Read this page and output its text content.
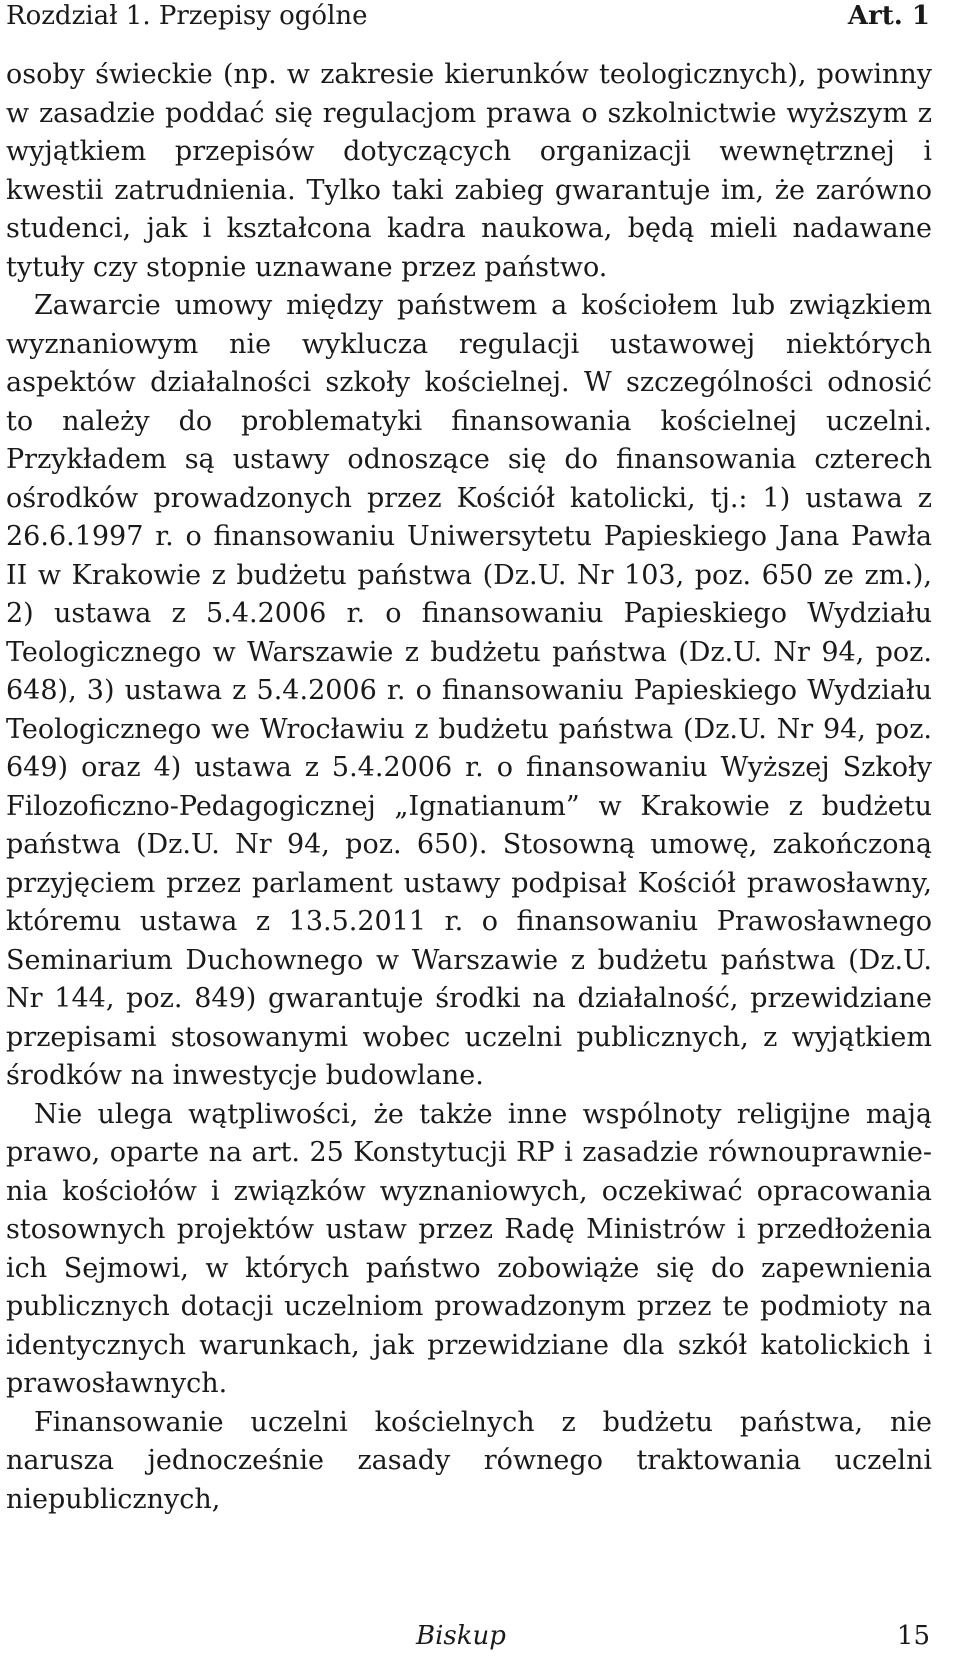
Rozdział 1. Przepisy ogólne	Art. 1

osoby świeckie (np. w zakresie kierunków teologicznych), powinny w zasadzie poddać się regulacjom prawa o szkolnictwie wyższym z wyjątkiem przepisów dotyczących organizacji wewnętrznej i kwestii zatrudnienia. Tylko taki zabieg gwarantuje im, że zarówno studenci, jak i kształcona kadra naukowa, będą mieli nadawane tytuły czy stopnie uznawane przez państwo.

Zawarcie umowy między państwem a kościołem lub związkiem wyznaniowym nie wyklucza regulacji ustawowej niektórych aspektów działalności szkoły kościelnej. W szczególności odnosić to należy do problematyki finansowania kościelnej uczelni. Przykładem są ustawy odnoszące się do finansowania czterech ośrodków prowadzonych przez Kościół katolicki, tj.: 1) ustawa z 26.6.1997 r. o finansowaniu Uniwersytetu Papieskiego Jana Pawła II w Krakowie z budżetu państwa (Dz.U. Nr 103, poz. 650 ze zm.), 2) ustawa z 5.4.2006 r. o finansowaniu Papieskiego Wydziału Teologicznego w Warszawie z budżetu państwa (Dz.U. Nr 94, poz. 648), 3) ustawa z 5.4.2006 r. o finansowaniu Papieskiego Wydziału Teologicznego we Wrocławiu z budżetu państwa (Dz.U. Nr 94, poz. 649) oraz 4) ustawa z 5.4.2006 r. o finansowaniu Wyższej Szkoły Filozoficzno-Pedagogicznej „Ignatianum” w Krakowie z budżetu państwa (Dz.U. Nr 94, poz. 650). Stosowną umowę, zakończoną przyjęciem przez parlament ustawy podpisał Kościół prawosławny, któremu ustawa z 13.5.2011 r. o finansowaniu Prawosławnego Seminarium Duchownego w Warszawie z budżetu państwa (Dz.U. Nr 144, poz. 849) gwarantuje środki na działalność, przewidziane przepisami stosowanymi wobec uczelni publicznych, z wyjątkiem środków na inwestycje budowlane.

Nie ulega wątpliwości, że także inne wspólnoty religijne mają prawo, oparte na art. 25 Konstytucji RP i zasadzie równouprawnienia kościołów i związków wyznaniowych, oczekiwać opracowania stosownych projektów ustaw przez Radę Ministrów i przedłożenia ich Sejmowi, w których państwo zobowiąże się do zapewnienia publicznych dotacji uczelniom prowadzonym przez te podmioty na identycznych warunkach, jak przewidziane dla szkół katolickich i prawosławnych.

Finansowanie uczelni kościelnych z budżetu państwa, nie narusza jednocześnie zasady równego traktowania uczelni niepublicznych,

Biskup	15
